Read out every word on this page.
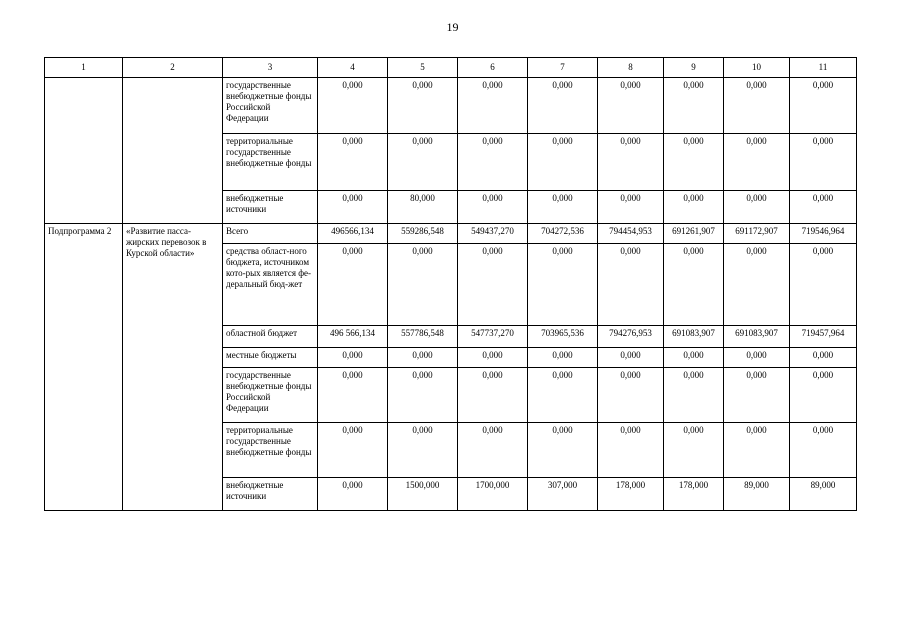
19
1	2	3	4	5	6	7	8	9	10	11
		государственные внебюджетные фонды Российской Федерации	0,000	0,000	0,000	0,000	0,000	0,000	0,000	0,000
		территориальные государственные внебюджетные фонды	0,000	0,000	0,000	0,000	0,000	0,000	0,000	0,000
		внебюджетные источники	0,000	80,000	0,000	0,000	0,000	0,000	0,000	0,000
Подпрограмма 2	«Развитие пасса-жирских перевозок в Курской области»	Всего	496566,134	559286,548	549437,270	704272,536	794454,953	691261,907	691172,907	719546,964
		средства област-ного бюджета, источником кото-рых является фе-деральный бюд-жет	0,000	0,000	0,000	0,000	0,000	0,000	0,000	0,000
		областной бюджет	496 566,134	557786,548	547737,270	703965,536	794276,953	691083,907	691083,907	719457,964
		местные бюджеты	0,000	0,000	0,000	0,000	0,000	0,000	0,000	0,000
		государственные внебюджетные фонды Российской Федерации	0,000	0,000	0,000	0,000	0,000	0,000	0,000	0,000
		территориальные государственные внебюджетные фонды	0,000	0,000	0,000	0,000	0,000	0,000	0,000	0,000
		внебюджетные источники	0,000	1500,000	1700,000	307,000	178,000	178,000	89,000	89,000
